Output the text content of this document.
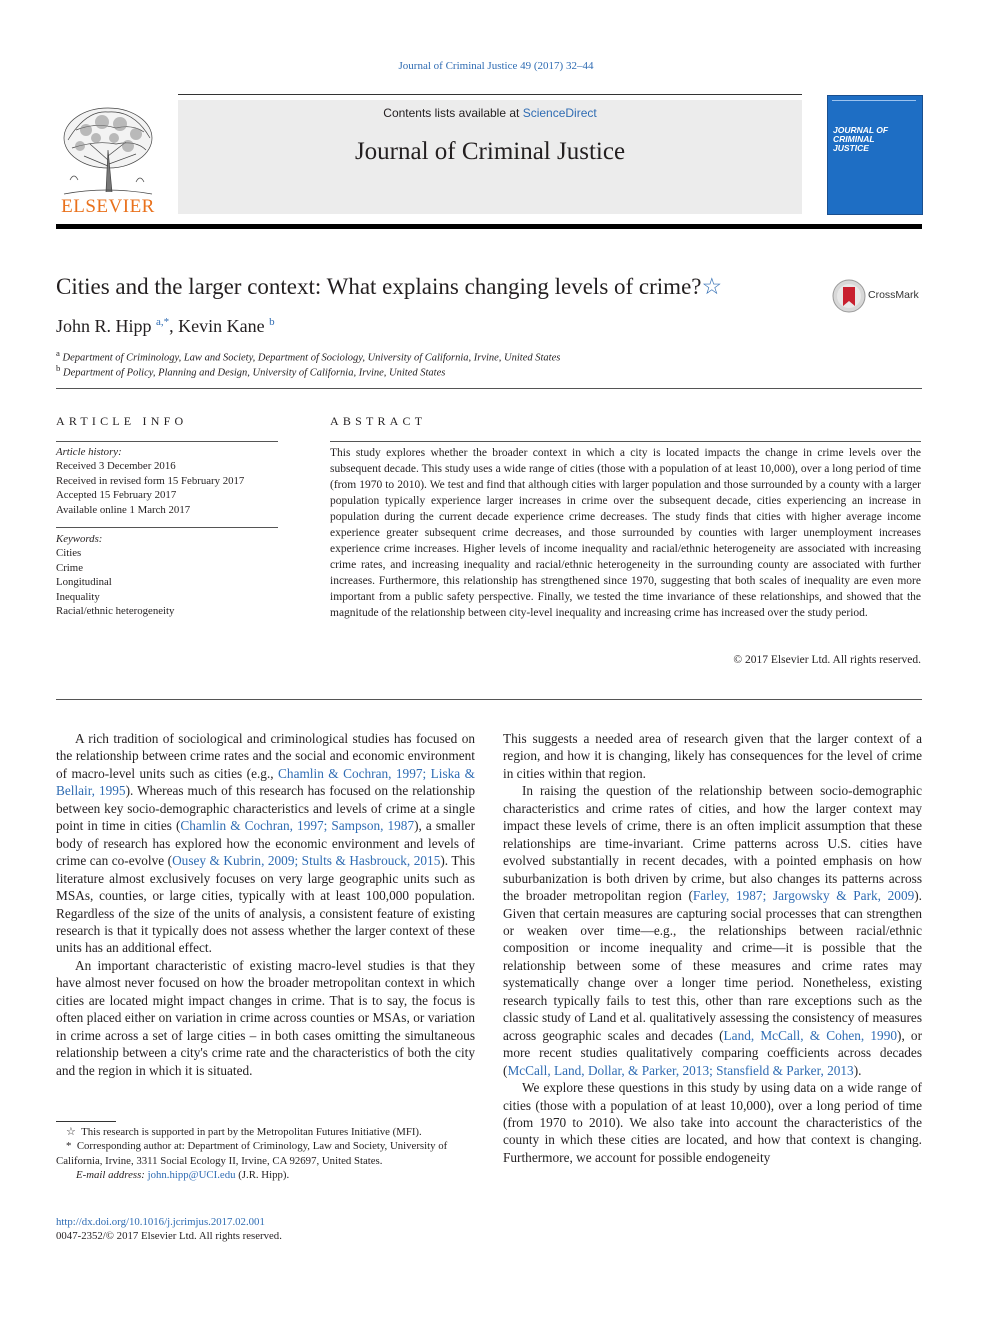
Journal of Criminal Justice 49 (2017) 32–44
ELSEVIER
Contents lists available at ScienceDirect
Journal of Criminal Justice
JOURNAL OF CRIMINAL JUSTICE
Cities and the larger context: What explains changing levels of crime?☆	CrossMark
John R. Hipp $^{a,*}$, Kevin Kane $^b$
$^a$ Department of Criminology, Law and Society, Department of Sociology, University of California, Irvine, United States
$^b$ Department of Policy, Planning and Design, University of California, Irvine, United States
ARTICLE INFO
Article history:
Received 3 December 2016
Received in revised form 15 February 2017
Accepted 15 February 2017
Available online 1 March 2017
Keywords:
Cities
Crime
Longitudinal
Inequality
Racial/ethnic heterogeneity
ABSTRACT
This study explores whether the broader context in which a city is located impacts the change in crime levels over the subsequent decade. This study uses a wide range of cities (those with a population of at least 10,000), over a long period of time (from 1970 to 2010). We test and find that although cities with larger population and those surrounded by a county with a larger population typically experience larger increases in crime over the subsequent decade, cities experiencing an increase in population during the current decade experience crime decreases. The study finds that cities with higher average income experience greater subsequent crime decreases, and those surrounded by counties with larger unemployment increases experience crime increases. Higher levels of income inequality and racial/ethnic heterogeneity are associated with increasing crime rates, and increasing inequality and racial/ethnic heterogeneity in the surrounding county are associated with further increases. Furthermore, this relationship has strengthened since 1970, suggesting that both scales of inequality are even more important from a public safety perspective. Finally, we tested the time invariance of these relationships, and showed that the magnitude of the relationship between city-level inequality and increasing crime has increased over the study period.
© 2017 Elsevier Ltd. All rights reserved.

A rich tradition of sociological and criminological studies has focused on the relationship between crime rates and the social and economic environment of macro-level units such as cities (e.g., Chamlin & Cochran, 1997; Liska & Bellair, 1995). Whereas much of this research has focused on the relationship between key socio-demographic characteristics and levels of crime at a single point in time in cities (Chamlin & Cochran, 1997; Sampson, 1987), a smaller body of research has explored how the economic environment and levels of crime can co-evolve (Ousey & Kubrin, 2009; Stults & Hasbrouck, 2015). This literature almost exclusively focuses on very large geographic units such as MSAs, counties, or large cities, typically with at least 100,000 population. Regardless of the size of the units of analysis, a consistent feature of existing research is that it typically does not assess whether the larger context of these units has an additional effect.

An important characteristic of existing macro-level studies is that they have almost never focused on how the broader metropolitan context in which cities are located might impact changes in crime. That is to say, the focus is often placed either on variation in crime across counties or MSAs, or variation in crime across a set of large cities – in both cases omitting the simultaneous relationship between a city's crime rate and the characteristics of both the city and the region in which it is situated.

This suggests a needed area of research given that the larger context of a region, and how it is changing, likely has consequences for the level of crime in cities within that region.

In raising the question of the relationship between socio-demographic characteristics and crime rates of cities, and how the larger context may impact these levels of crime, there is an often implicit assumption that these relationships are time-invariant. Crime patterns across U.S. cities have evolved substantially in recent decades, with a pointed emphasis on how suburbanization is both driven by crime, but also changes its patterns across the broader metropolitan region (Farley, 1987; Jargowsky & Park, 2009). Given that certain measures are capturing social processes that can strengthen or weaken over time—e.g., the relationships between racial/ethnic composition or income inequality and crime—it is possible that the relationship between some of these measures and crime rates may systematically change over a longer time period. Nonetheless, existing research typically fails to test this, other than rare exceptions such as the classic study of Land et al. qualitatively assessing the consistency of measures across geographic scales and decades (Land, McCall, & Cohen, 1990), or more recent studies qualitatively comparing coefficients across decades (McCall, Land, Dollar, & Parker, 2013; Stansfield & Parker, 2013).

We explore these questions in this study by using data on a wide range of cities (those with a population of at least 10,000), over a long period of time (from 1970 to 2010). We also take into account the characteristics of the county in which these cities are located, and how that context is changing. Furthermore, we account for possible endogeneity

☆ This research is supported in part by the Metropolitan Futures Initiative (MFI).

* Corresponding author at: Department of Criminology, Law and Society, University of California, Irvine, 3311 Social Ecology II, Irvine, CA 92697, United States.

E-mail address: john.hipp@UCI.edu (J.R. Hipp).

http://dx.doi.org/10.1016/j.jcrimjus.2017.02.001
0047-2352/© 2017 Elsevier Ltd. All rights reserved.
